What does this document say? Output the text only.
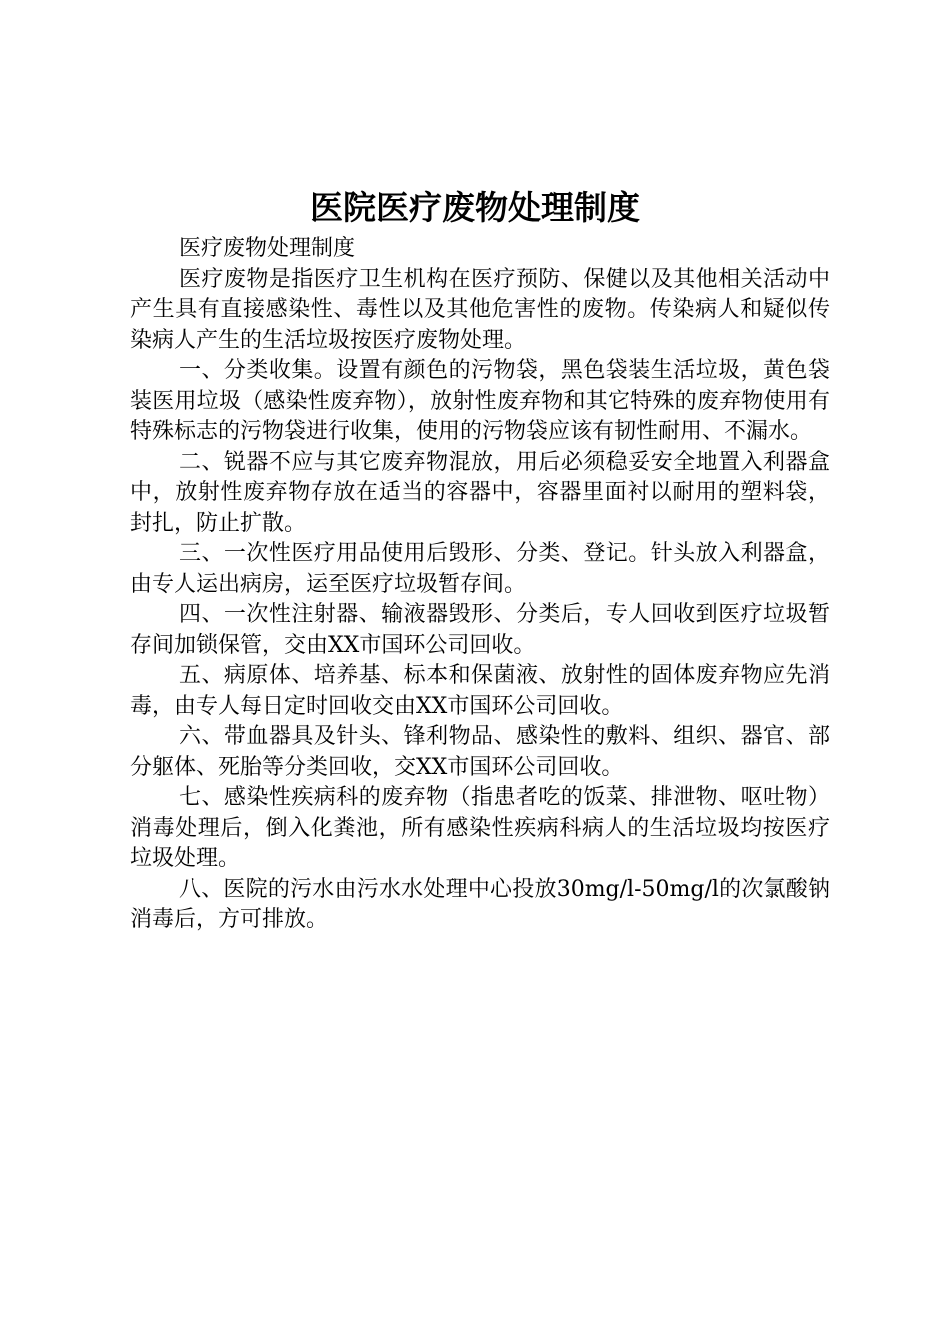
医院医疗废物处理制度

医疗废物处理制度

医疗废物是指医疗卫生机构在医疗预防、保健以及其他相关活动中产生具有直接感染性、毒性以及其他危害性的废物。传染病人和疑似传染病人产生的生活垃圾按医疗废物处理。

一、分类收集。设置有颜色的污物袋，黑色袋装生活垃圾，黄色袋装医用垃圾（感染性废弃物），放射性废弃物和其它特殊的废弃物使用有特殊标志的污物袋进行收集，使用的污物袋应该有韧性耐用、不漏水。

二、锐器不应与其它废弃物混放，用后必须稳妥安全地置入利器盒中，放射性废弃物存放在适当的容器中，容器里面衬以耐用的塑料袋，封扎，防止扩散。

三、一次性医疗用品使用后毁形、分类、登记。针头放入利器盒，由专人运出病房，运至医疗垃圾暂存间。

四、一次性注射器、输液器毁形、分类后，专人回收到医疗垃圾暂存间加锁保管，交由XX市国环公司回收。

五、病原体、培养基、标本和保菌液、放射性的固体废弃物应先消毒，由专人每日定时回收交由XX市国环公司回收。

六、带血器具及针头、锋利物品、感染性的敷料、组织、器官、部分躯体、死胎等分类回收，交XX市国环公司回收。

七、感染性疾病科的废弃物（指患者吃的饭菜、排泄物、呕吐物）消毒处理后，倒入化粪池，所有感染性疾病科病人的生活垃圾均按医疗垃圾处理。

八、医院的污水由污水水处理中心投放30mg/l-50mg/l的次氯酸钠消毒后，方可排放。
